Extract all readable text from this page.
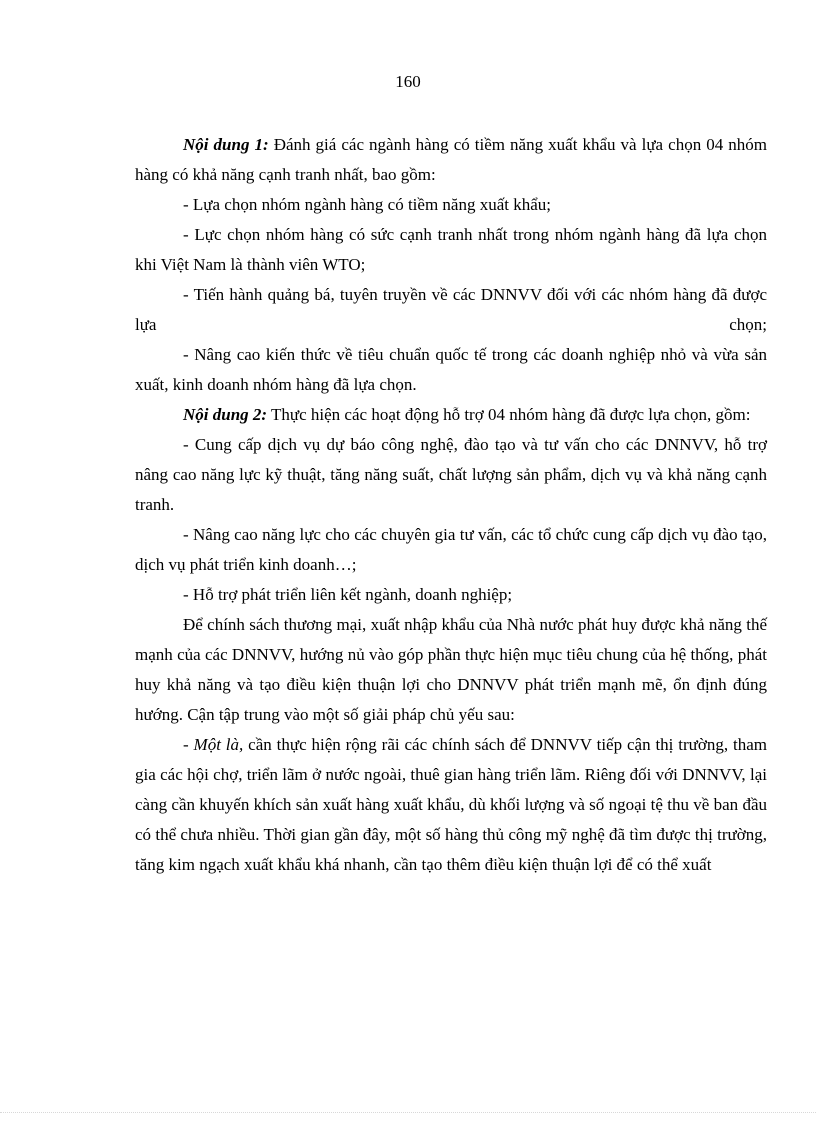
160

Nội dung 1: Đánh giá các ngành hàng có tiềm năng xuất khẩu và lựa chọn 04 nhóm hàng có khả năng cạnh tranh nhất, bao gồm:

- Lựa chọn nhóm ngành hàng có tiềm năng xuất khẩu;

- Lực chọn nhóm hàng có sức cạnh tranh nhất trong nhóm ngành hàng đã lựa chọn khi Việt Nam là thành viên WTO;

- Tiến hành quảng bá, tuyên truyền về các DNNVV đối với các nhóm hàng đã được lựa chọn;

- Nâng cao kiến thức về tiêu chuẩn quốc tế trong các doanh nghiệp nhỏ và vừa sản xuất, kinh doanh nhóm hàng đã lựa chọn.

Nội dung 2: Thực hiện các hoạt động hỗ trợ 04 nhóm hàng đã được lựa chọn, gồm:

- Cung cấp dịch vụ dự báo công nghệ, đào tạo và tư vấn cho các DNNVV, hỗ trợ nâng cao năng lực kỹ thuật, tăng năng suất, chất lượng sản phẩm, dịch vụ và khả năng cạnh tranh.

- Nâng cao năng lực cho các chuyên gia tư vấn, các tổ chức cung cấp dịch vụ đào tạo, dịch vụ phát triển kinh doanh…;

- Hỗ trợ phát triển liên kết ngành, doanh nghiệp;

Để chính sách thương mại, xuất nhập khẩu của Nhà nước phát huy được khả năng thế mạnh của các DNNVV, hướng nủ vào góp phần thực hiện mục tiêu chung của hệ thống, phát huy khả năng và tạo điều kiện thuận lợi cho DNNVV phát triển mạnh mẽ, ổn định đúng hướng. Cận tập trung vào một số giải pháp chủ yếu sau:

- Một là, cần thực hiện rộng rãi các chính sách để DNNVV tiếp cận thị trường, tham gia các hội chợ, triển lãm ở nước ngoài, thuê gian hàng triển lãm. Riêng đối với DNNVV, lại càng cần khuyến khích sản xuất hàng xuất khẩu, dù khối lượng và số ngoại tệ thu về ban đầu có thể chưa nhiều. Thời gian gần đây, một số hàng thủ công mỹ nghệ đã tìm được thị trường, tăng kim ngạch xuất khẩu khá nhanh, cần tạo thêm điều kiện thuận lợi để có thể xuất
